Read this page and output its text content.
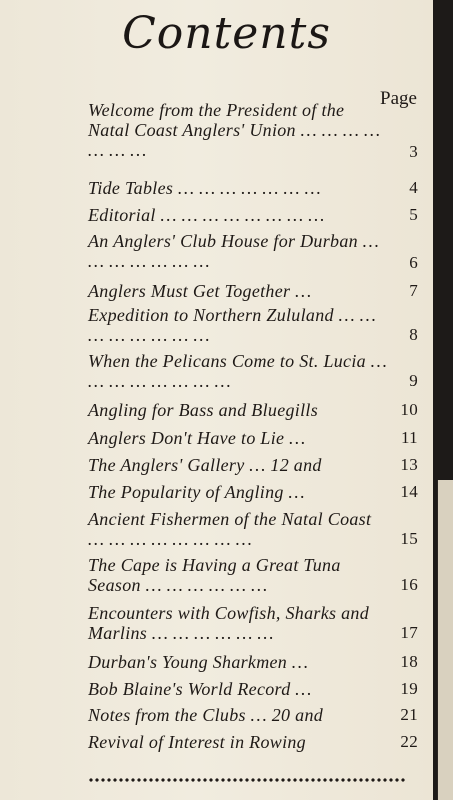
Contents
Page
Welcome from the President of the Natal Coast Anglers' Union … … … … … … …	3
Tide Tables … … … … … … …	4
Editorial … … … … … … … …	5
An Anglers' Club House for Durban … … … … … … …	6
Anglers Must Get Together …	7
Expedition to Northern Zululand … … … … … … … …	8
When the Pelicans Come to St. Lucia … … … … … … … …	9
Angling for Bass and Bluegills	10
Anglers Don't Have to Lie …	11
The Anglers' Gallery … 12 and	13
The Popularity of Angling …	14
Ancient Fishermen of the Natal Coast … … … … … … … …	15
The Cape is Having a Great Tuna Season … … … … … …	16
Encounters with Cowfish, Sharks and Marlins … … … … … …	17
Durban's Young Sharkmen …	18
Bob Blaine's World Record …	19
Notes from the Clubs … 20 and	21
Revival of Interest in Rowing	22
